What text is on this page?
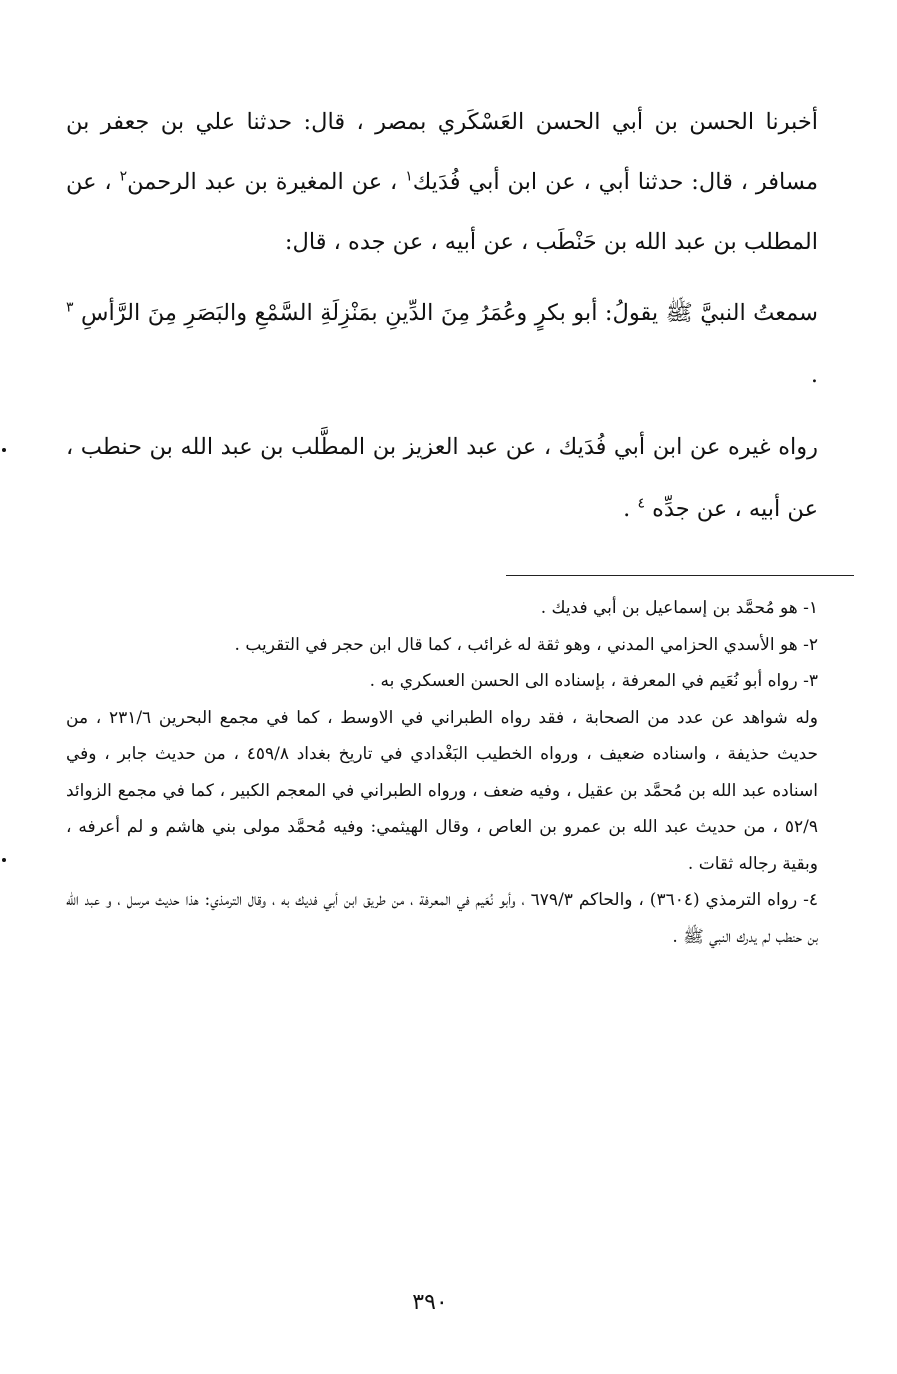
أخبرنا الحسن بن أبي الحسن العَسْكَري بمصر ، قال: حدثنا علي بن جعفر بن مسافر ، قال: حدثنا أبي ، عن ابن أبي فُدَيك$^١$ ، عن المغيرة بن عبد الرحمن$^٢$ ، عن المطلب بن عبد الله بن حَنْطَب ، عن أبيه ، عن جده ، قال:

سمعتُ النبيَّ ﷺ يقولُ: أبو بكرٍ وعُمَرُ مِنَ الدِّينِ بمَنْزِلَةِ السَّمْعِ والبَصَرِ مِنَ الرَّأسِ $^٣$ .

رواه غيره عن ابن أبي فُدَيك ، عن عبد العزيز بن المطَّلب بن عبد الله بن حنطب ، عن أبيه ، عن جدِّه $^٤$ .

١- هو مُحمَّد بن إسماعيل بن أبي فديك .

٢- هو الأسدي الحزامي المدني ، وهو ثقة له غرائب ، كما قال ابن حجر في التقريب .

٣- رواه أبو نُعَيم في المعرفة ، بإسناده الى الحسن العسكري به .

وله شواهد عن عدد من الصحابة ، فقد رواه الطبراني في الاوسط ، كما في مجمع البحرين ٢٣١/٦ ، من حديث حذيفة ، واسناده ضعيف ، ورواه الخطيب البَغْدادي في تاريخ بغداد ٤٥٩/٨ ، من حديث جابر ، وفي اسناده عبد الله بن مُحمَّد بن عقيل ، وفيه ضعف ، ورواه الطبراني في المعجم الكبير ، كما في مجمع الزوائد ٥٢/٩ ، من حديث عبد الله بن عمرو بن العاص ، وقال الهيثمي: وفيه مُحمَّد مولى بني هاشم و لم أعرفه ، وبقية رجاله ثقات .

٤- رواه الترمذي (٣٦٠٤) ، والحاكم ٦٧٩/٣ ، وأبو نُعَيم في المعرفة ، من طريق ابن أبي فديك به ، وقال الترمذي: هذا حديث مرسل ، و عبد الله بن حنطب لم يدرك النبي ﷺ .

٣٩٠
